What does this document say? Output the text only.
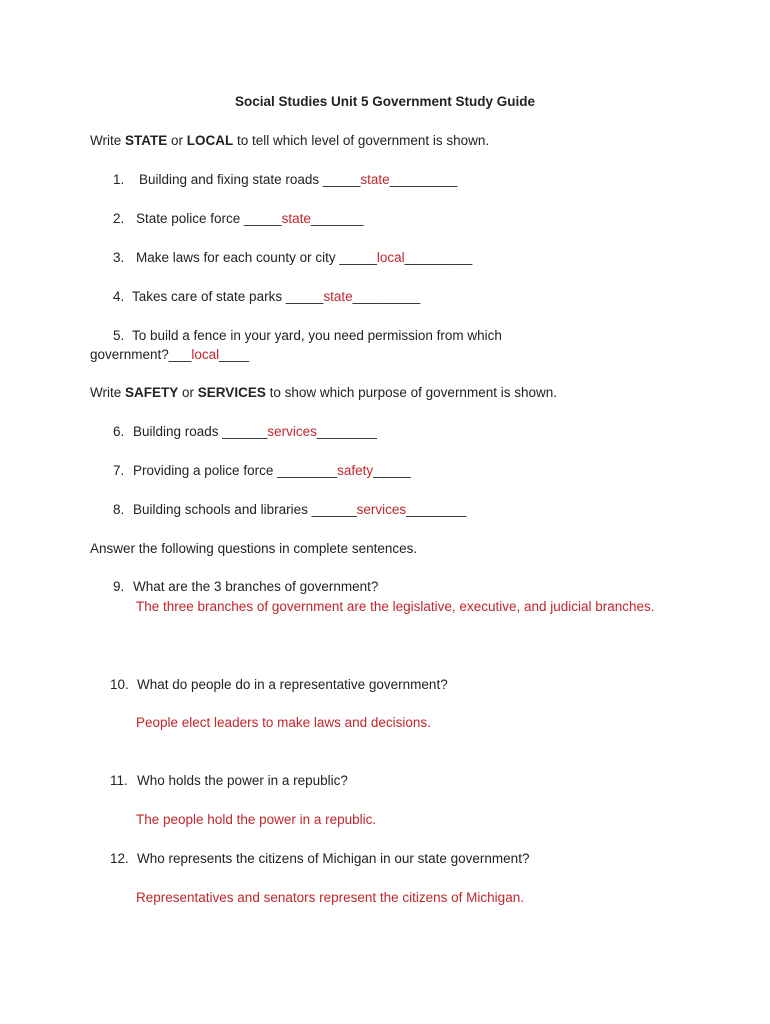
Social Studies Unit 5 Government Study Guide
Write STATE or LOCAL to tell which level of government is shown.
1. Building and fixing state roads _____state_________
2. State police force _____state_______
3. Make laws for each county or city _____local_________
4. Takes care of state parks _____state_________
5. To build a fence in your yard, you need permission from which
government?___local____
Write SAFETY or SERVICES to show which purpose of government is shown.
6. Building roads ______services________
7. Providing a police force ________safety_____
8. Building schools and libraries ______services________
Answer the following questions in complete sentences.
9. What are the 3 branches of government?
The three branches of government are the legislative, executive, and judicial branches.
10. What do people do in a representative government?
People elect leaders to make laws and decisions.
11. Who holds the power in a republic?
The people hold the power in a republic.
12. Who represents the citizens of Michigan in our state government?
Representatives and senators represent the citizens of Michigan.
